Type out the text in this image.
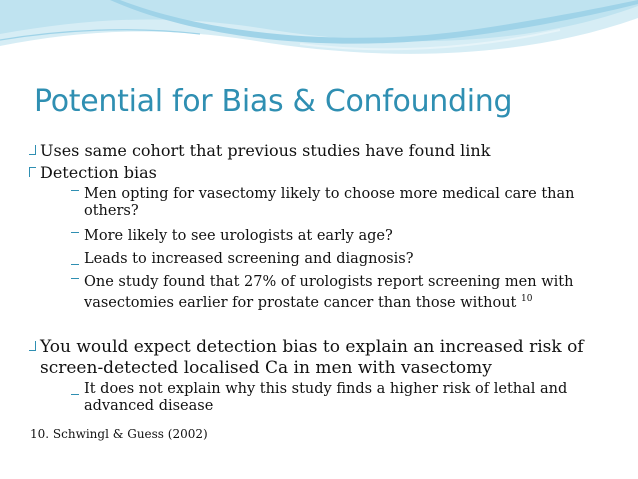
Potential for Bias & Confounding
Uses same cohort that previous studies have found link
Detection bias
Men opting for vasectomy likely to choose more medical care than others?
More likely to see urologists at early age?
Leads to increased screening and diagnosis?
One study found that 27% of urologists report screening men with vasectomies earlier for prostate cancer than those without $^{10}$
You would expect detection bias to explain an increased risk of screen-detected localised Ca in men with vasectomy
It does not explain why this study finds a higher risk of lethal and advanced disease
10. Schwingl & Guess (2002)
